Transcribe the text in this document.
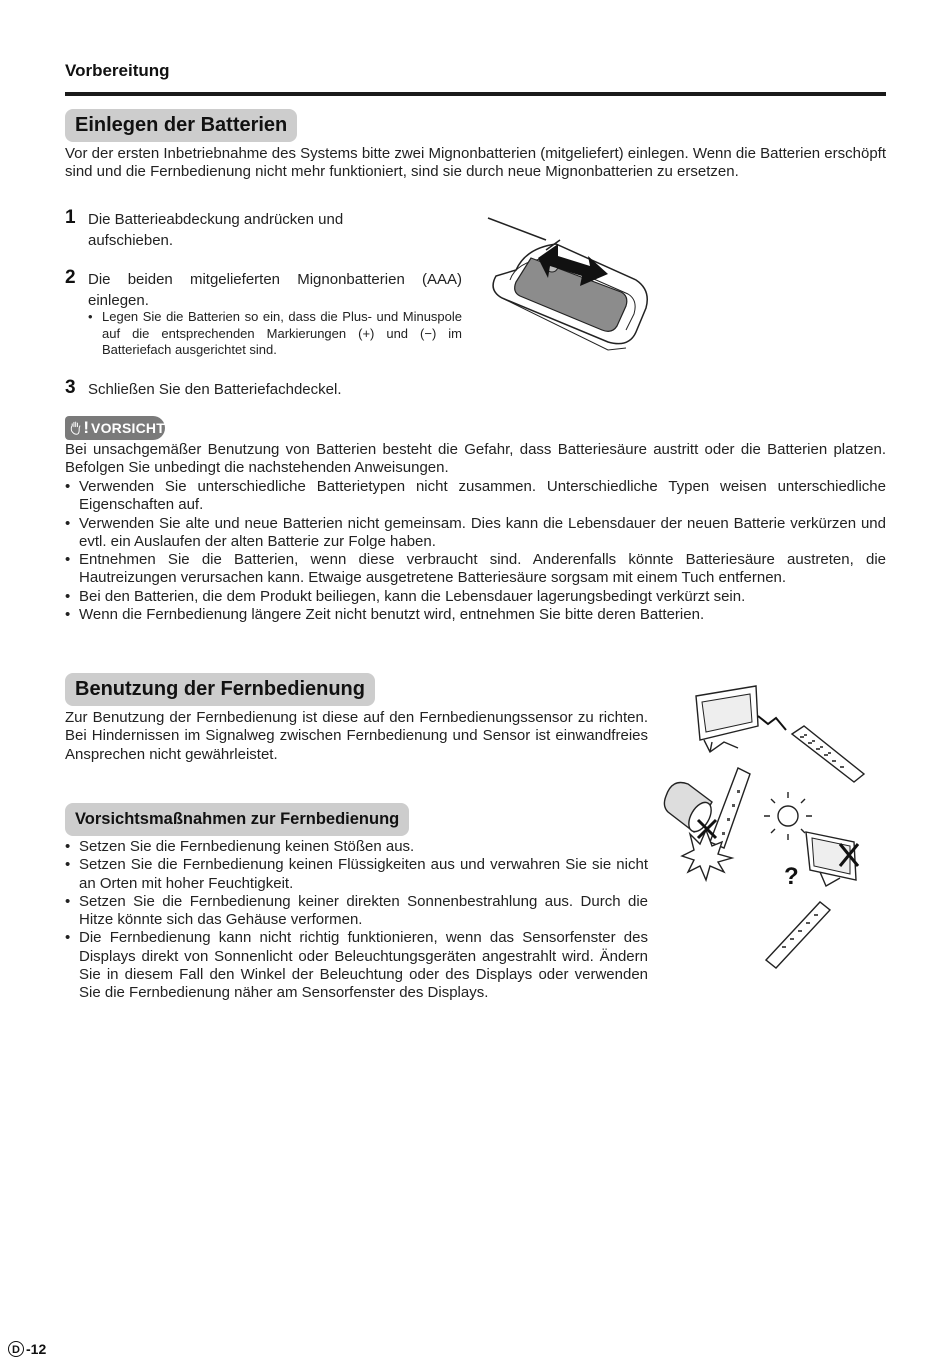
Vorbereitung
Einlegen der Batterien
Vor der ersten Inbetriebnahme des Systems bitte zwei Mignonbatterien (mitgeliefert) einlegen. Wenn die Batterien erschöpft sind und die Fernbedienung nicht mehr funktioniert, sind sie durch neue Mignonbatterien zu ersetzen.
1 Die Batterieabdeckung andrücken und aufschieben.
2 Die beiden mitgelieferten Mignonbatterien (AAA) einlegen.
• Legen Sie die Batterien so ein, dass die Plus- und Minuspole auf die entsprechenden Markierungen (+) und (−) im Batteriefach ausgerichtet sind.
3 Schließen Sie den Batteriefachdeckel.
! VORSICHT
Bei unsachgemäßer Benutzung von Batterien besteht die Gefahr, dass Batteriesäure austritt oder die Batterien platzen. Befolgen Sie unbedingt die nachstehenden Anweisungen.
• Verwenden Sie unterschiedliche Batterietypen nicht zusammen. Unterschiedliche Typen weisen unterschiedliche Eigenschaften auf.
• Verwenden Sie alte und neue Batterien nicht gemeinsam. Dies kann die Lebensdauer der neuen Batterie verkürzen und evtl. ein Auslaufen der alten Batterie zur Folge haben.
• Entnehmen Sie die Batterien, wenn diese verbraucht sind. Anderenfalls könnte Batteriesäure austreten, die Hautreizungen verursachen kann. Etwaige ausgetretene Batteriesäure sorgsam mit einem Tuch entfernen.
• Bei den Batterien, die dem Produkt beiliegen, kann die Lebensdauer lagerungsbedingt verkürzt sein.
• Wenn die Fernbedienung längere Zeit nicht benutzt wird, entnehmen Sie bitte deren Batterien.
Benutzung der Fernbedienung
Zur Benutzung der Fernbedienung ist diese auf den Fernbedienungssensor zu richten. Bei Hindernissen im Signalweg zwischen Fernbedienung und Sensor ist einwandfreies Ansprechen nicht gewährleistet.
Vorsichtsmaßnahmen zur Fernbedienung
• Setzen Sie die Fernbedienung keinen Stößen aus.
• Setzen Sie die Fernbedienung keinen Flüssigkeiten aus und verwahren Sie sie nicht an Orten mit hoher Feuchtigkeit.
• Setzen Sie die Fernbedienung keiner direkten Sonnenbestrahlung aus. Durch die Hitze könnte sich das Gehäuse verformen.
• Die Fernbedienung kann nicht richtig funktionieren, wenn das Sensorfenster des Displays direkt von Sonnenlicht oder Beleuchtungsgeräten angestrahlt wird. Ändern Sie in diesem Fall den Winkel der Beleuchtung oder des Displays oder verwenden Sie die Fernbedienung näher am Sensorfenster des Displays.
?
D -12
